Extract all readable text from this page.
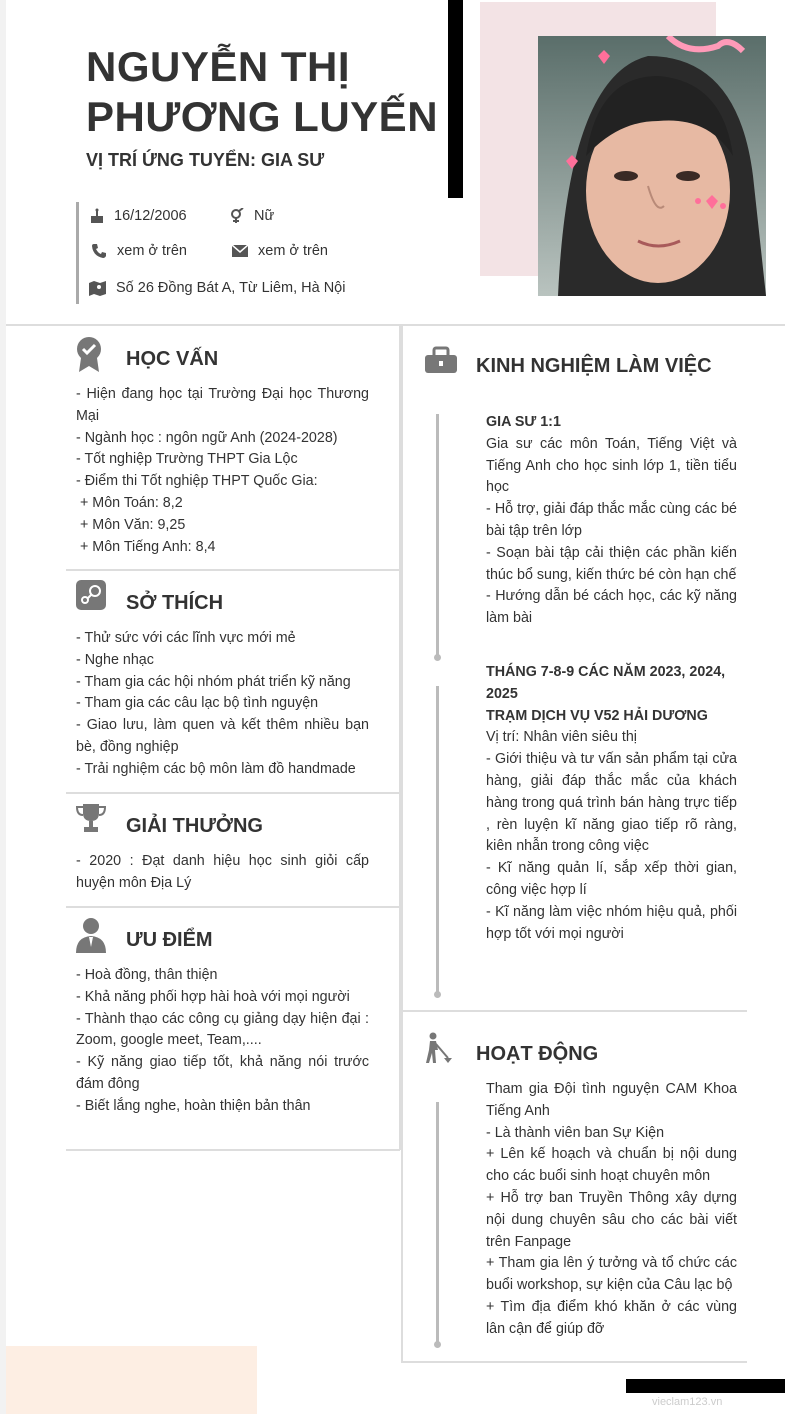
NGUYỄN THỊ
PHƯƠNG LUYẾN
VỊ TRÍ ỨNG TUYỂN: GIA SƯ
16/12/2006	Nữ
xem ở trên	xem ở trên
Số 26 Đồng Bát A, Từ Liêm, Hà Nội
HỌC VẤN
- Hiện đang học tại Trường Đại học Thương Mại
- Ngành học : ngôn ngữ Anh (2024-2028)
- Tốt nghiệp Trường THPT Gia Lộc
- Điểm thi Tốt nghiệp THPT Quốc Gia:
+ Môn Toán: 8,2
+ Môn Văn: 9,25
+ Môn Tiếng Anh: 8,4
SỞ THÍCH
- Thử sức với các lĩnh vực mới mẻ
- Nghe nhạc
- Tham gia các hội nhóm phát triển kỹ năng
- Tham gia các câu lạc bộ tình nguyện
- Giao lưu, làm quen và kết thêm nhiều bạn bè, đồng nghiệp
- Trải nghiệm các bộ môn làm đồ handmade
GIẢI THƯỞNG
- 2020 : Đạt danh hiệu học sinh giỏi cấp huyện môn Địa Lý
ƯU ĐIỂM
- Hoà đồng, thân thiện
- Khả năng phối hợp hài hoà với mọi người
- Thành thạo các công cụ giảng dạy hiện đại : Zoom, google meet, Team,....
- Kỹ năng giao tiếp tốt, khả năng nói trước đám đông
- Biết lắng nghe, hoàn thiện bản thân
KINH NGHIỆM LÀM VIỆC
GIA SƯ 1:1
Gia sư các môn Toán, Tiếng Việt và Tiếng Anh cho học sinh lớp 1, tiền tiểu học
- Hỗ trợ, giải đáp thắc mắc cùng các bé bài tập trên lớp
- Soạn bài tập cải thiện các phần kiến thúc bổ sung, kiến thức bé còn hạn chế
- Hướng dẫn bé cách học, các kỹ năng làm bài
THÁNG 7-8-9 CÁC NĂM 2023, 2024, 2025
TRẠM DỊCH VỤ V52 HẢI DƯƠNG
Vị trí: Nhân viên siêu thị
- Giới thiệu và tư vấn sản phẩm tại cửa hàng, giải đáp thắc mắc của khách hàng trong quá trình bán hàng trực tiếp , rèn luyện kĩ năng giao tiếp rõ ràng, kiên nhẫn trong công việc
- Kĩ năng quản lí, sắp xếp thời gian, công việc hợp lí
- Kĩ năng làm việc nhóm hiệu quả, phối hợp tốt với mọi người
HOẠT ĐỘNG
Tham gia Đội tình nguyện CAM Khoa Tiếng Anh
- Là thành viên ban Sự Kiện
+ Lên kế hoạch và chuẩn bị nội dung cho các buổi sinh hoạt chuyên môn
+ Hỗ trợ ban Truyền Thông xây dựng nội dung chuyên sâu cho các bài viết trên Fanpage
+ Tham gia lên ý tưởng và tổ chức các buổi workshop, sự kiện của Câu lạc bộ
+ Tìm địa điểm khó khăn ở các vùng lân cận để giúp đỡ
vieclam123.vn
